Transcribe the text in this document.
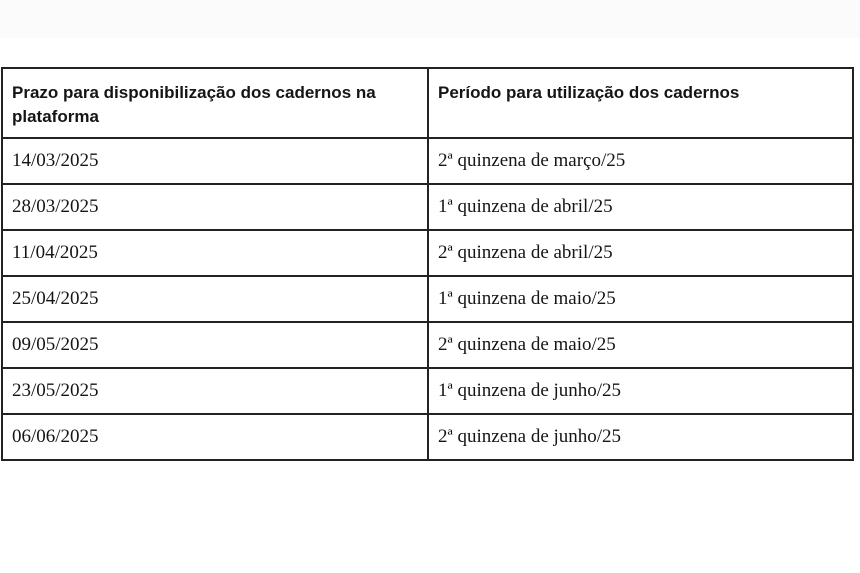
Prazo para disponibilização dos cadernos na plataforma	Período para utilização dos cadernos
14/03/2025	2ª quinzena de março/25
28/03/2025	1ª quinzena de abril/25
11/04/2025	2ª quinzena de abril/25
25/04/2025	1ª quinzena de maio/25
09/05/2025	2ª quinzena de maio/25
23/05/2025	1ª quinzena de junho/25
06/06/2025	2ª quinzena de junho/25
